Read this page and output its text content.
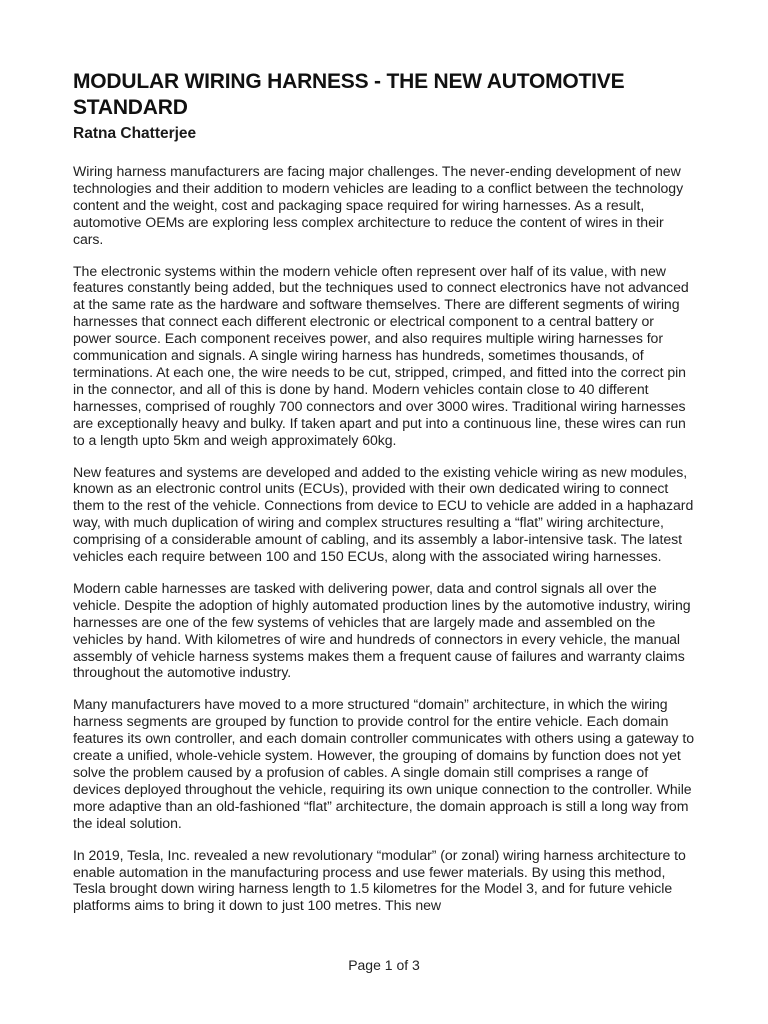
MODULAR WIRING HARNESS - THE NEW AUTOMOTIVE STANDARD
Ratna Chatterjee

Wiring harness manufacturers are facing major challenges. The never-ending development of new technologies and their addition to modern vehicles are leading to a conflict between the technology content and the weight, cost and packaging space required for wiring harnesses. As a result, automotive OEMs are exploring less complex architecture to reduce the content of wires in their cars.

The electronic systems within the modern vehicle often represent over half of its value, with new features constantly being added, but the techniques used to connect electronics have not advanced at the same rate as the hardware and software themselves. There are different segments of wiring harnesses that connect each different electronic or electrical component to a central battery or power source. Each component receives power, and also requires multiple wiring harnesses for communication and signals. A single wiring harness has hundreds, sometimes thousands, of terminations. At each one, the wire needs to be cut, stripped, crimped, and fitted into the correct pin in the connector, and all of this is done by hand. Modern vehicles contain close to 40 different harnesses, comprised of roughly 700 connectors and over 3000 wires. Traditional wiring harnesses are exceptionally heavy and bulky. If taken apart and put into a continuous line, these wires can run to a length upto 5km and weigh approximately 60kg.

New features and systems are developed and added to the existing vehicle wiring as new modules, known as an electronic control units (ECUs), provided with their own dedicated wiring to connect them to the rest of the vehicle. Connections from device to ECU to vehicle are added in a haphazard way, with much duplication of wiring and complex structures resulting a “flat” wiring architecture, comprising of a considerable amount of cabling, and its assembly a labor-intensive task. The latest vehicles each require between 100 and 150 ECUs, along with the associated wiring harnesses.

Modern cable harnesses are tasked with delivering power, data and control signals all over the vehicle. Despite the adoption of highly automated production lines by the automotive industry, wiring harnesses are one of the few systems of vehicles that are largely made and assembled on the vehicles by hand. With kilometres of wire and hundreds of connectors in every vehicle, the manual assembly of vehicle harness systems makes them a frequent cause of failures and warranty claims throughout the automotive industry.

Many manufacturers have moved to a more structured “domain” architecture, in which the wiring harness segments are grouped by function to provide control for the entire vehicle. Each domain features its own controller, and each domain controller communicates with others using a gateway to create a unified, whole-vehicle system. However, the grouping of domains by function does not yet solve the problem caused by a profusion of cables. A single domain still comprises a range of devices deployed throughout the vehicle, requiring its own unique connection to the controller. While more adaptive than an old-fashioned “flat” architecture, the domain approach is still a long way from the ideal solution.

In 2019, Tesla, Inc. revealed a new revolutionary “modular” (or zonal) wiring harness architecture to enable automation in the manufacturing process and use fewer materials. By using this method, Tesla brought down wiring harness length to 1.5 kilometres for the Model 3, and for future vehicle platforms aims to bring it down to just 100 metres. This new

Page 1 of 3
